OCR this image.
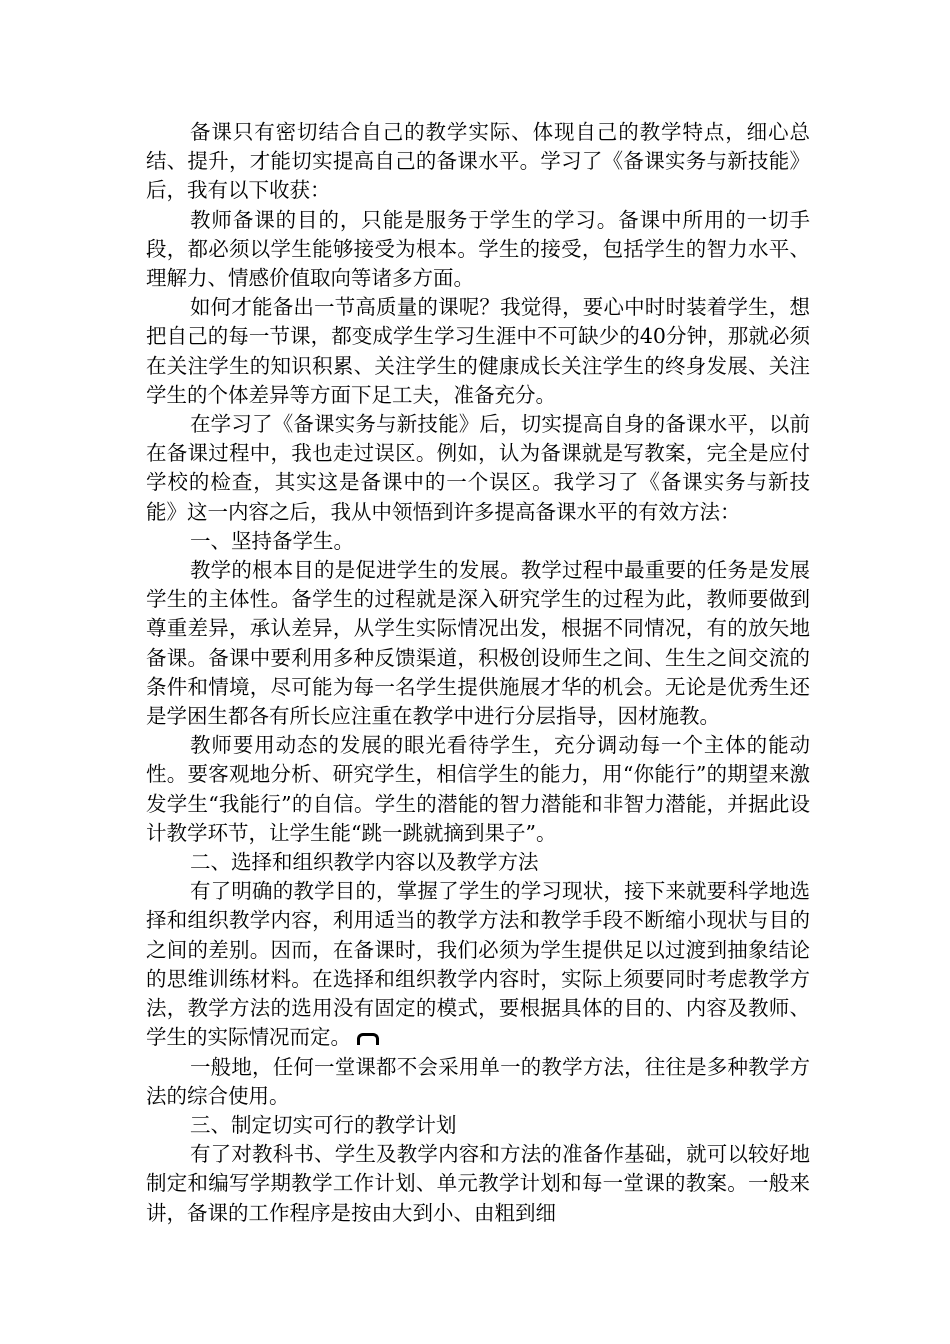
备课只有密切结合自己的教学实际、体现自己的教学特点，细心总结、提升，才能切实提高自己的备课水平。学习了《备课实务与新技能》后，我有以下收获：

教师备课的目的，只能是服务于学生的学习。备课中所用的一切手段，都必须以学生能够接受为根本。学生的接受，包括学生的智力水平、理解力、情感价值取向等诸多方面。

如何才能备出一节高质量的课呢？我觉得，要心中时时装着学生，想把自己的每一节课，都变成学生学习生涯中不可缺少的40分钟，那就必须在关注学生的知识积累、关注学生的健康成长关注学生的终身发展、关注学生的个体差异等方面下足工夫，准备充分。

在学习了《备课实务与新技能》后，切实提高自身的备课水平，以前在备课过程中，我也走过误区。例如，认为备课就是写教案，完全是应付学校的检查，其实这是备课中的一个误区。我学习了《备课实务与新技能》这一内容之后，我从中领悟到许多提高备课水平的有效方法：

一、坚持备学生。

教学的根本目的是促进学生的发展。教学过程中最重要的任务是发展学生的主体性。备学生的过程就是深入研究学生的过程为此，教师要做到尊重差异，承认差异，从学生实际情况出发，根据不同情况，有的放矢地备课。备课中要利用多种反馈渠道，积极创设师生之间、生生之间交流的条件和情境，尽可能为每一名学生提供施展才华的机会。无论是优秀生还是学困生都各有所长应注重在教学中进行分层指导，因材施教。

教师要用动态的发展的眼光看待学生，充分调动每一个主体的能动性。要客观地分析、研究学生，相信学生的能力，用“你能行”的期望来激发学生“我能行”的自信。学生的潜能的智力潜能和非智力潜能，并据此设计教学环节，让学生能“跳一跳就摘到果子”。

二、选择和组织教学内容以及教学方法

有了明确的教学目的，掌握了学生的学习现状，接下来就要科学地选择和组织教学内容，利用适当的教学方法和教学手段不断缩小现状与目的之间的差别。因而，在备课时，我们必须为学生提供足以过渡到抽象结论的思维训练材料。在选择和组织教学内容时，实际上须要同时考虑教学方法，教学方法的选用没有固定的模式，要根据具体的目的、内容及教师、学生的实际情况而定。

一般地，任何一堂课都不会采用单一的教学方法，往往是多种教学方法的综合使用。

三、制定切实可行的教学计划

有了对教科书、学生及教学内容和方法的准备作基础，就可以较好地制定和编写学期教学工作计划、单元教学计划和每一堂课的教案。一般来讲，备课的工作程序是按由大到小、由粗到细
